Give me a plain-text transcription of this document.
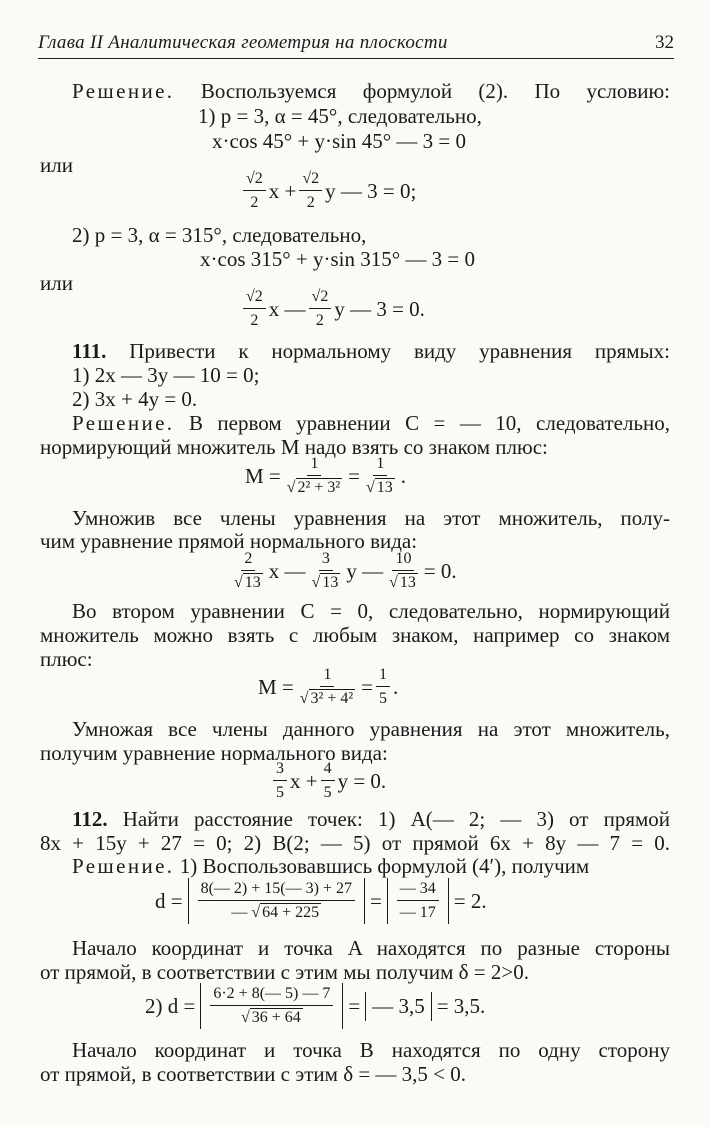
Глава II Аналитическая геометрия на плоскости	32
Решение. Воспользуемся формулой (2). По условию:
1) p = 3, α = 45°, следовательно,
x·cos 45° + y·sin 45° — 3 = 0
или
√2
2 $x + \frac{√2}{2}$ y — 3 = 0;
2) p = 3, α = 315°, следовательно,
x·cos 315° + y·sin 315° — 3 = 0
или
√2
2 x — √2
2 y — 3 = 0.
111. Привести к нормальному виду уравнения прямых:
1) 2x — 3y — 10 = 0;
2) 3x + 4y = 0.
Решение. В первом уравнении C = — 10, следовательно,
нормирующий множитель M надо взять со знаком плюс:
$M = \frac{1}{\text{√ 2² + 3²}} = \frac{1}{√ 13}$ .
Умножив все члены уравнения на этот множитель, полу-
чим уравнение прямой нормального вида:
2
√ 13 x — 3
√ 13 y — $\frac{10}{√ 13} = 0$.
Во втором уравнении C = 0, следовательно, нормирующий
множитель можно взять с любым знаком, например со знаком
плюс:
$M = \frac{1}{\text{√ 3² + 4²}} = \frac{1}{5}$ .
Умножая все члены данного уравнения на этот множитель,
получим уравнение нормального вида:
3
5 $x + \frac{4}{5}$ y = 0.
112. Найти расстояние точек: 1) A(— 2; — 3) от прямой
8x + 15y + 27 = 0; 2) B(2; — 5) от прямой 6x + 8y — 7 = 0.
Решение. 1) Воспользовавшись формулой (4′), получим
d = 8(— 2) + 15(— 3) + 27
— √ 64 + 225 = — 34
— 17 = 2.
Начало координат и точка A находятся по разные стороны
от прямой, в соответствии с этим мы получим δ = 2>0.
2) d = 6·2 + 8(— 5) — 7
√ 36 + 64 = — 3,5 = 3,5.
Начало координат и точка B находятся по одну сторону
от прямой, в соответствии с этим δ = — 3,5 < 0.
